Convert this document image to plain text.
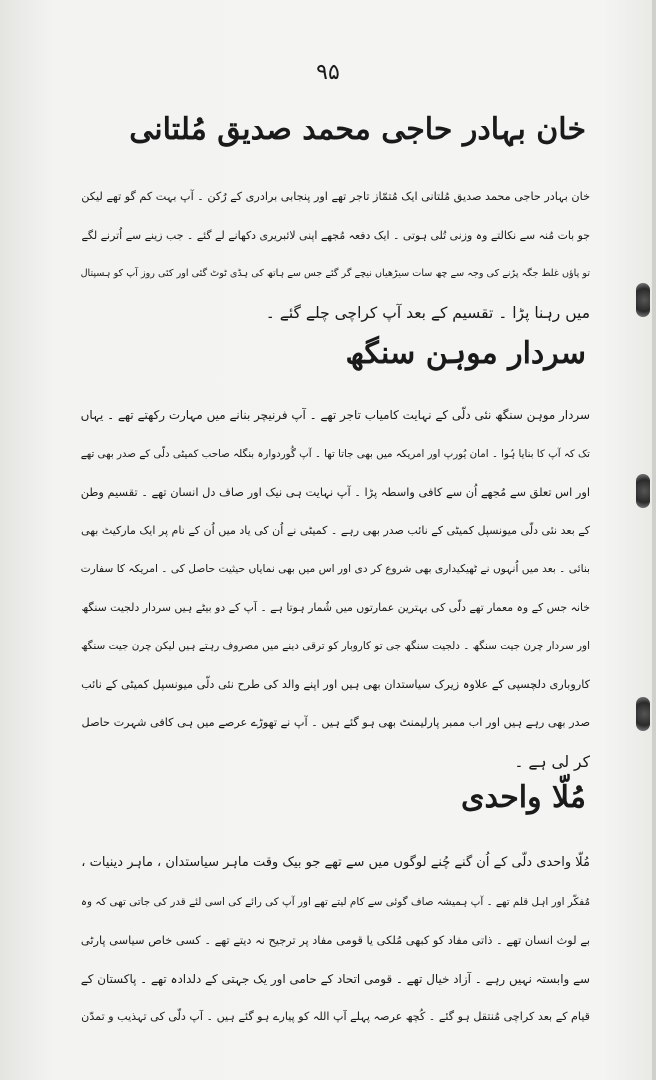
۹۵
خان بہادر حاجی محمد صدیق مُلتانی
خان بہادر حاجی محمد صدیق مُلتانی ایک مُتمّاز تاجر تھے اور پنجابی برادری کے رُکن ۔ آپ بہت کم گو تھے لیکن
جو بات مُنہ سے نکالتے وہ وزنی تُلی ہوتی ۔ ایک دفعہ مُجھے اپنی لائبریری دکھانے لے گئے ۔ جب زینے سے اُترنے لگے
تو پاؤں غلط جگہ پڑنے کی وجہ سے چھ سات سیڑھیاں نیچے گر گئے جس سے ہاتھ کی ہڈی ٹوٹ گئی اور کئی روز آپ کو ہسپتال
میں رہنا پڑا ۔ تقسیم کے بعد آپ کراچی چلے گئے ۔
سردار موہن سنگھ
سردار موہن سنگھ نئی دلّی کے نہایت کامیاب تاجر تھے ۔ آپ فرنیچر بنانے میں مہارت رکھتے تھے ۔ یہاں
تک کہ آپ کا بنایا ہُوا ۔ امان یُورپ اور امریکہ میں بھی جاتا تھا ۔ آپ گُوردوارہ بنگلہ صاحب کمیٹی دلّی کے صدر بھی تھے
اور اس تعلق سے مُجھے اُن سے کافی واسطہ پڑا ۔ آپ نہایت ہی نیک اور صاف دل انسان تھے ۔ تقسیم وطن
کے بعد نئی دلّی میونسپل کمیٹی کے نائب صدر بھی رہے ۔ کمیٹی نے اُن کی یاد میں اُن کے نام پر ایک مارکیٹ بھی
بنائی ۔ بعد میں اُنہوں نے ٹھیکیداری بھی شروع کر دی اور اس میں بھی نمایاں حیثیت حاصل کی ۔ امریکہ کا سفارت
خانہ جس کے وہ معمار تھے دلّی کی بہترین عمارتوں میں شُمار ہوتا ہے ۔ آپ کے دو بیٹے ہیں سردار دلجیت سنگھ
اور سردار چرن جیت سنگھ ۔ دلجیت سنگھ جی تو کاروبار کو ترقی دینے میں مصروف رہتے ہیں لیکن چرن جیت سنگھ
کاروباری دلچسپی کے علاوہ زیرک سیاستدان بھی ہیں اور اپنے والد کی طرح نئی دلّی میونسپل کمیٹی کے نائب
صدر بھی رہے ہیں اور اب ممبر پارلیمنٹ بھی ہو گئے ہیں ۔ آپ نے تھوڑے عرصے میں ہی کافی شہرت حاصل
کر لی ہے ۔
مُلّا واحدی
مُلّا واحدی دلّی کے اُن گنے چُنے لوگوں میں سے تھے جو بیک وقت ماہر سیاستدان ، ماہر دینیات ،
مُفکّر اور اہل قلم تھے ۔ آپ ہمیشہ صاف گوئی سے کام لیتے تھے اور آپ کی رائے کی اسی لئے قدر کی جاتی تھی کہ وہ
بے لوث انسان تھے ۔ ذاتی مفاد کو کبھی مُلکی یا قومی مفاد پر ترجیح نہ دیتے تھے ۔ کسی خاص سیاسی پارٹی
سے وابستہ نہیں رہے ۔ آزاد خیال تھے ۔ قومی اتحاد کے حامی اور یک جہتی کے دلدادہ تھے ۔ پاکستان کے
قیام کے بعد کراچی مُنتقل ہو گئے ۔ کُچھ عرصہ پہلے آپ اللہ کو پیارے ہو گئے ہیں ۔ آپ دلّی کی تہذیب و تمدّن
